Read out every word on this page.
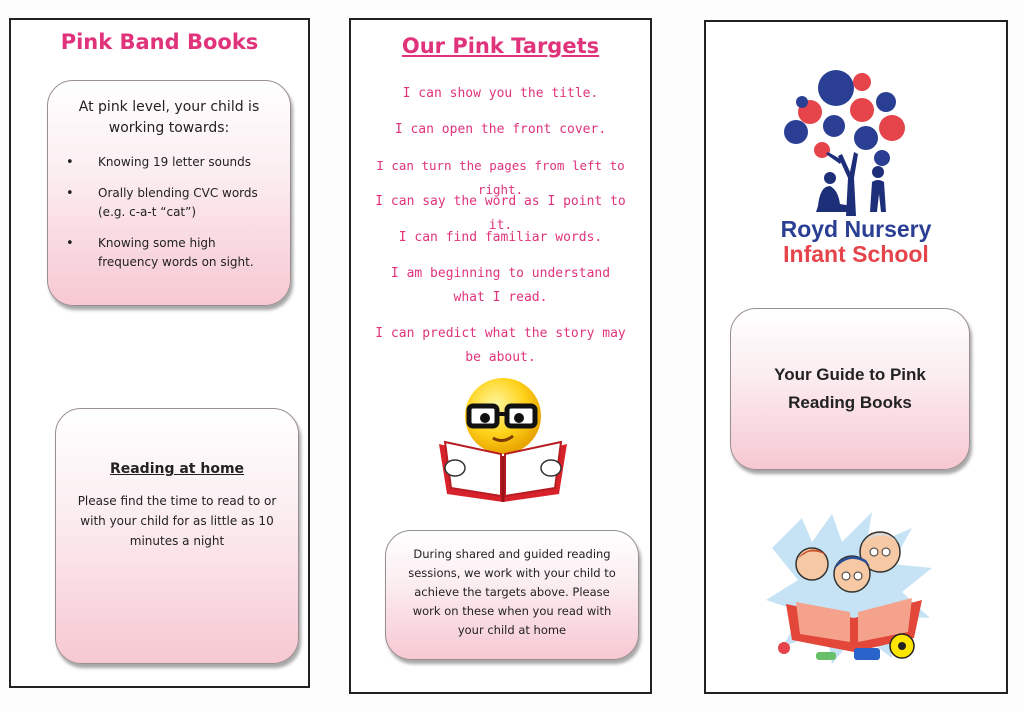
Pink Band Books
At pink level, your child is working towards:
• Knowing 19 letter sounds
• Orally blending CVC words (e.g. c-a-t “cat”)
• Knowing some high frequency words on sight.
Reading at home
Please find the time to read to or with your child for as little as 10 minutes a night
Our Pink Targets
I can show you the title.
I can open the front cover.
I can turn the pages from left to right.
I can say the word as I point to it.
I can find familiar words.
I am beginning to understand what I read.
I can predict what the story may be about.
During shared and guided reading sessions, we work with your child to achieve the targets above. Please work on these when you read with your child at home
Royd Nursery
Infant School
Your Guide to Pink Reading Books
